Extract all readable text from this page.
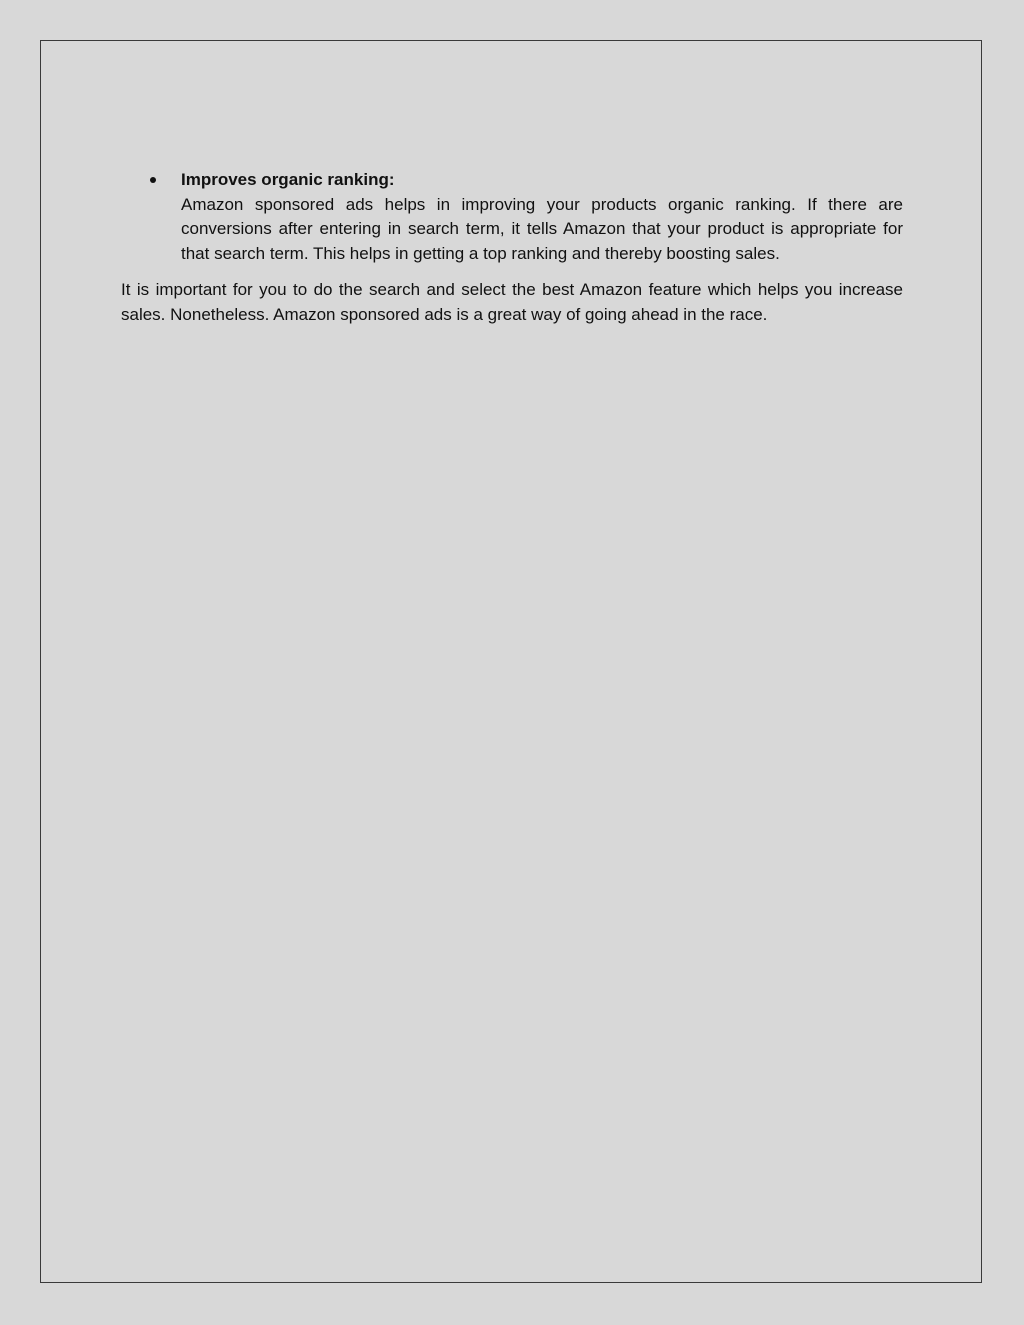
Improves organic ranking:
Amazon sponsored ads helps in improving your products organic ranking. If there are conversions after entering in search term, it tells Amazon that your product is appropriate for that search term. This helps in getting a top ranking and thereby boosting sales.

It is important for you to do the search and select the best Amazon feature which helps you increase sales. Nonetheless. Amazon sponsored ads is a great way of going ahead in the race.
